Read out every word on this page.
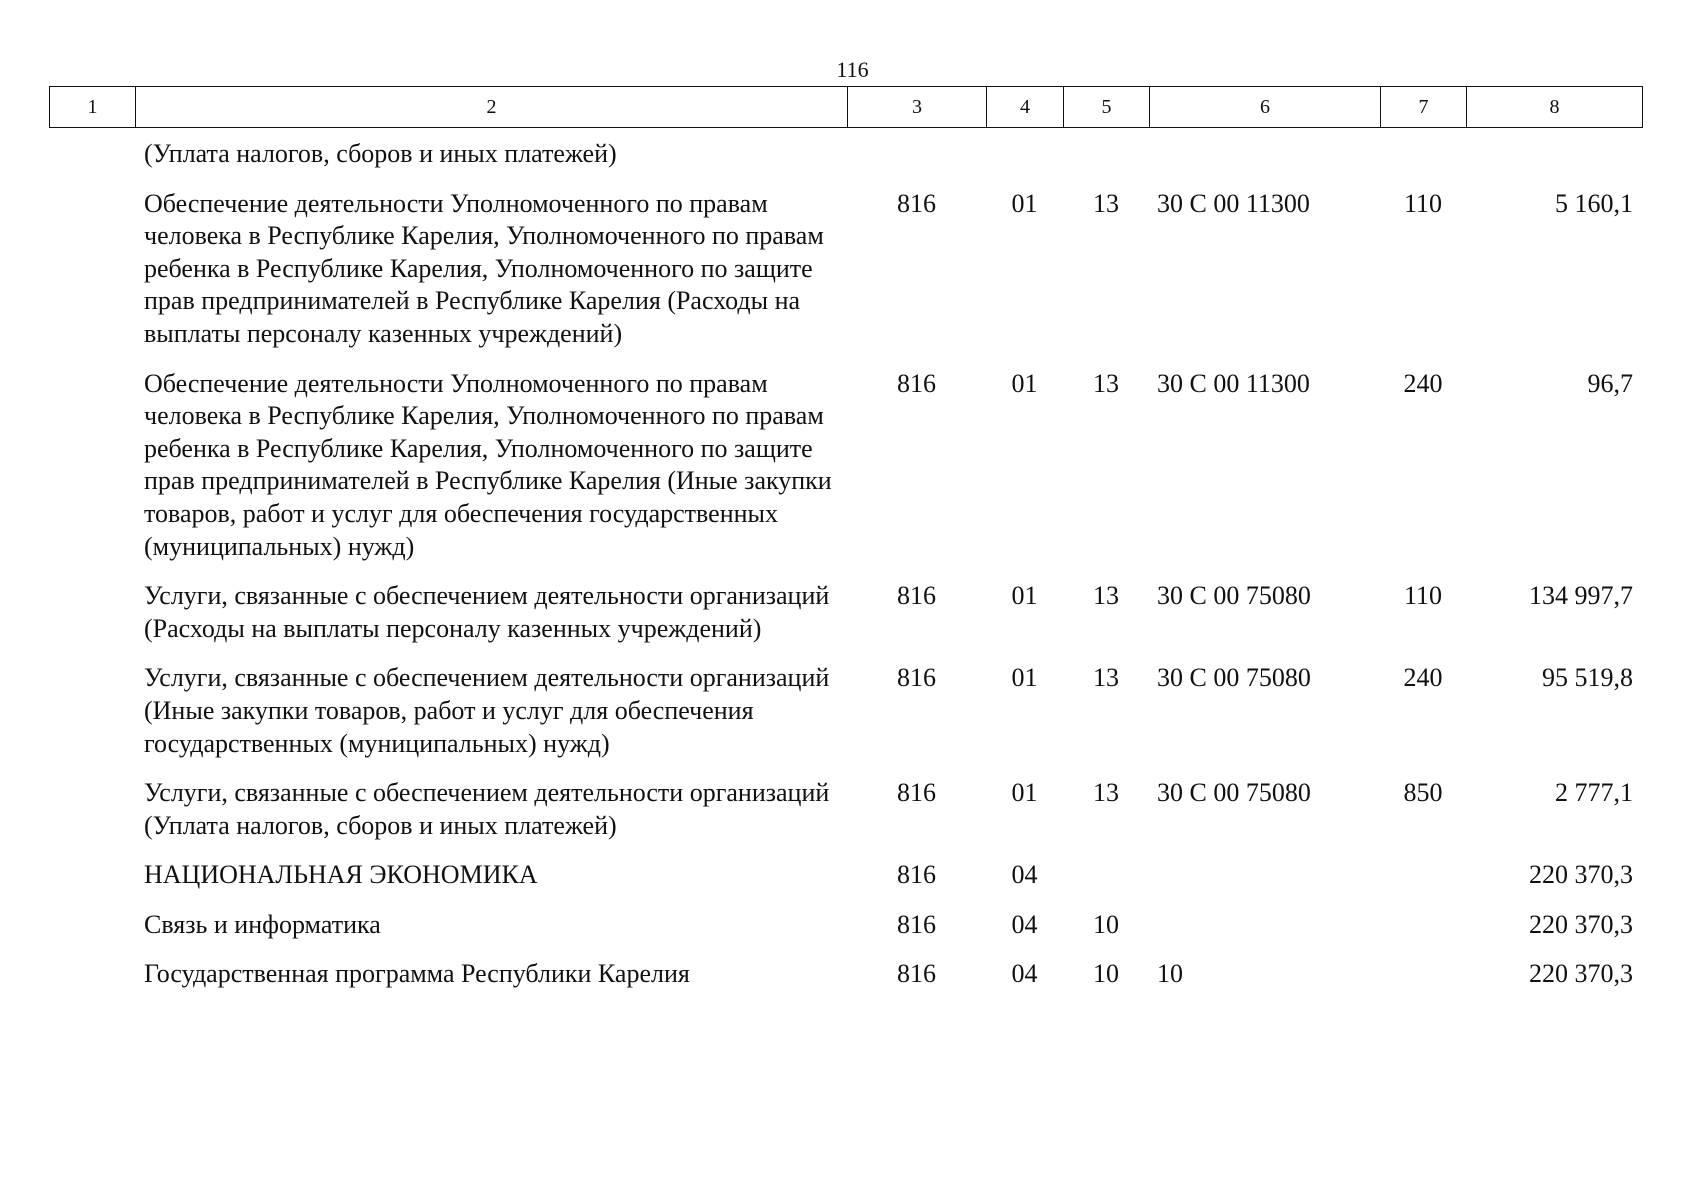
116
1	2	3	4	5	6	7	8
(Уплата налогов, сборов и иных платежей)						
Обеспечение деятельности Уполномоченного по правам человека в Республике Карелия, Уполномоченного по правам ребенка в Республике Карелия, Уполномоченного по защите прав предпринимателей в Республике Карелия (Расходы на выплаты персоналу казенных учреждений)	816	01	13	30 С 00 11300	110	5 160,1
Обеспечение деятельности Уполномоченного по правам человека в Республике Карелия, Уполномоченного по правам ребенка в Республике Карелия, Уполномоченного по защите прав предпринимателей в Республике Карелия (Иные закупки товаров, работ и услуг для обеспечения государственных (муниципальных) нужд)	816	01	13	30 С 00 11300	240	96,7
Услуги, связанные с обеспечением деятельности организаций (Расходы на выплаты персоналу казенных учреждений)	816	01	13	30 С 00 75080	110	134 997,7
Услуги, связанные с обеспечением деятельности организаций (Иные закупки товаров, работ и услуг для обеспечения государственных (муниципальных) нужд)	816	01	13	30 С 00 75080	240	95 519,8
Услуги, связанные с обеспечением деятельности организаций (Уплата налогов, сборов и иных платежей)	816	01	13	30 С 00 75080	850	2 777,1
НАЦИОНАЛЬНАЯ ЭКОНОМИКА	816	04				220 370,3
Связь и информатика	816	04	10			220 370,3
Государственная программа Республики Карелия	816	04	10	10		220 370,3
